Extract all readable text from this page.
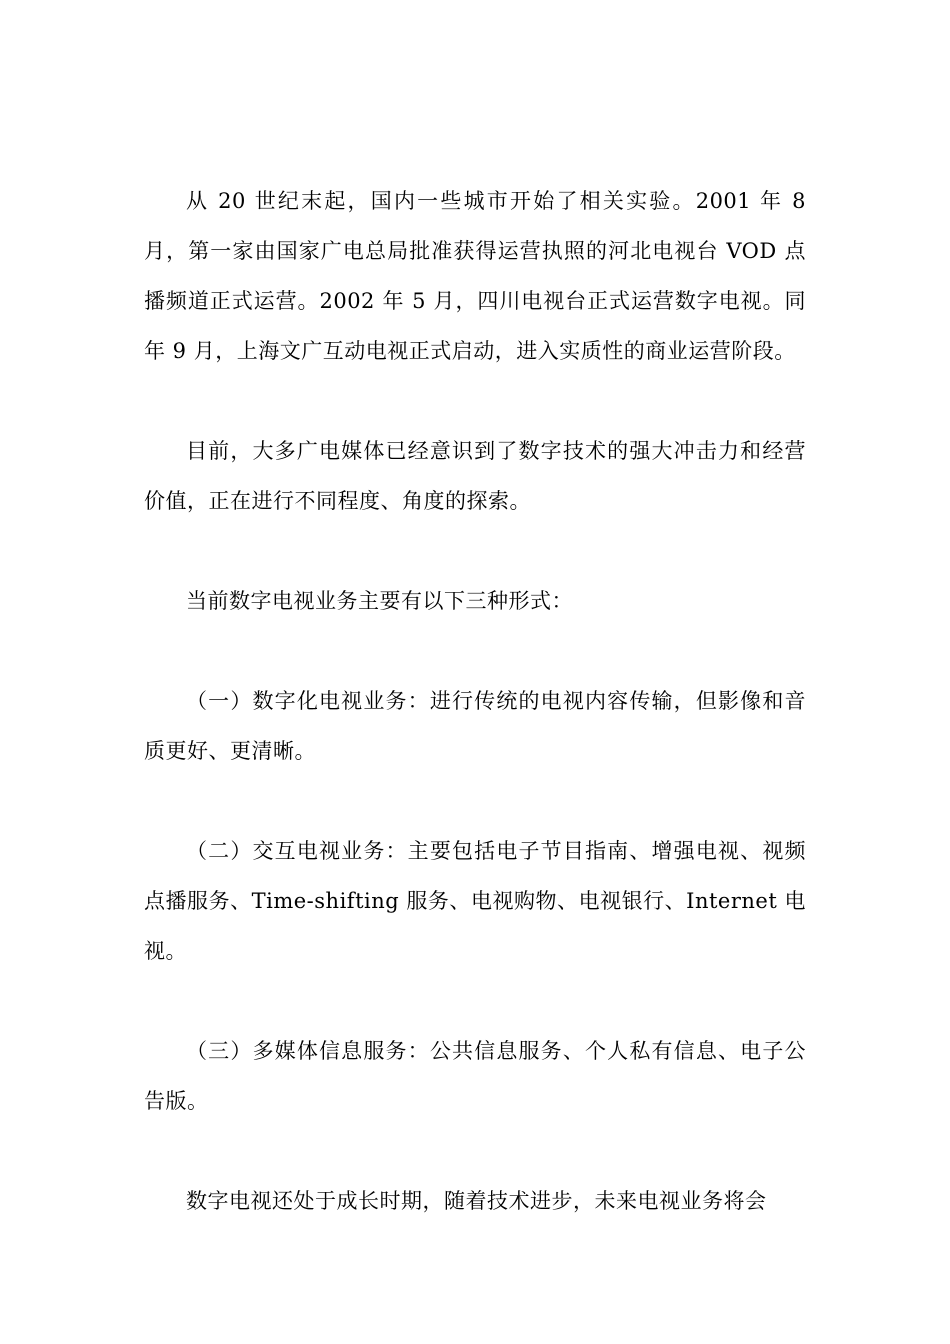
从 20 世纪末起，国内一些城市开始了相关实验。2001 年 8 月，第一家由国家广电总局批准获得运营执照的河北电视台 VOD 点播频道正式运营。2002 年 5 月，四川电视台正式运营数字电视。同年 9 月，上海文广互动电视正式启动，进入实质性的商业运营阶段。

目前，大多广电媒体已经意识到了数字技术的强大冲击力和经营价值，正在进行不同程度、角度的探索。

当前数字电视业务主要有以下三种形式：

（一）数字化电视业务：进行传统的电视内容传输，但影像和音质更好、更清晰。

（二）交互电视业务：主要包括电子节目指南、增强电视、视频点播服务、Time-shifting 服务、电视购物、电视银行、Internet 电视。

（三）多媒体信息服务：公共信息服务、个人私有信息、电子公告版。

数字电视还处于成长时期，随着技术进步，未来电视业务将会
